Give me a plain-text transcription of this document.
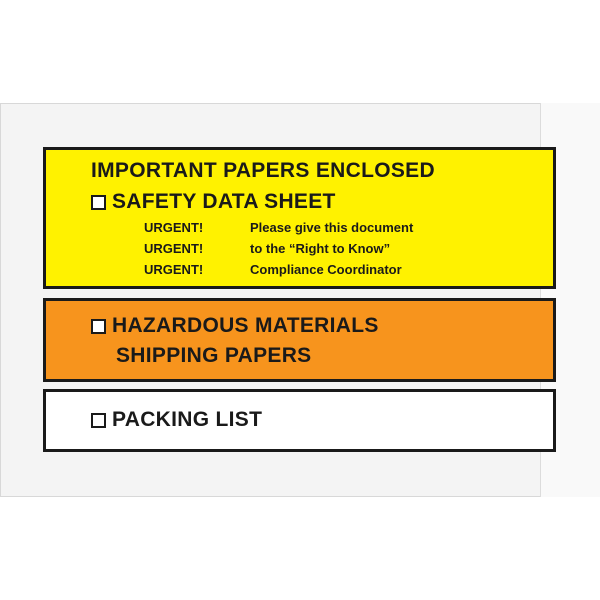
IMPORTANT PAPERS ENCLOSED
SAFETY DATA SHEET
URGENT!	Please give this document
URGENT!	to the “Right to Know”
URGENT!	Compliance Coordinator
HAZARDOUS MATERIALS
SHIPPING PAPERS
PACKING LIST
